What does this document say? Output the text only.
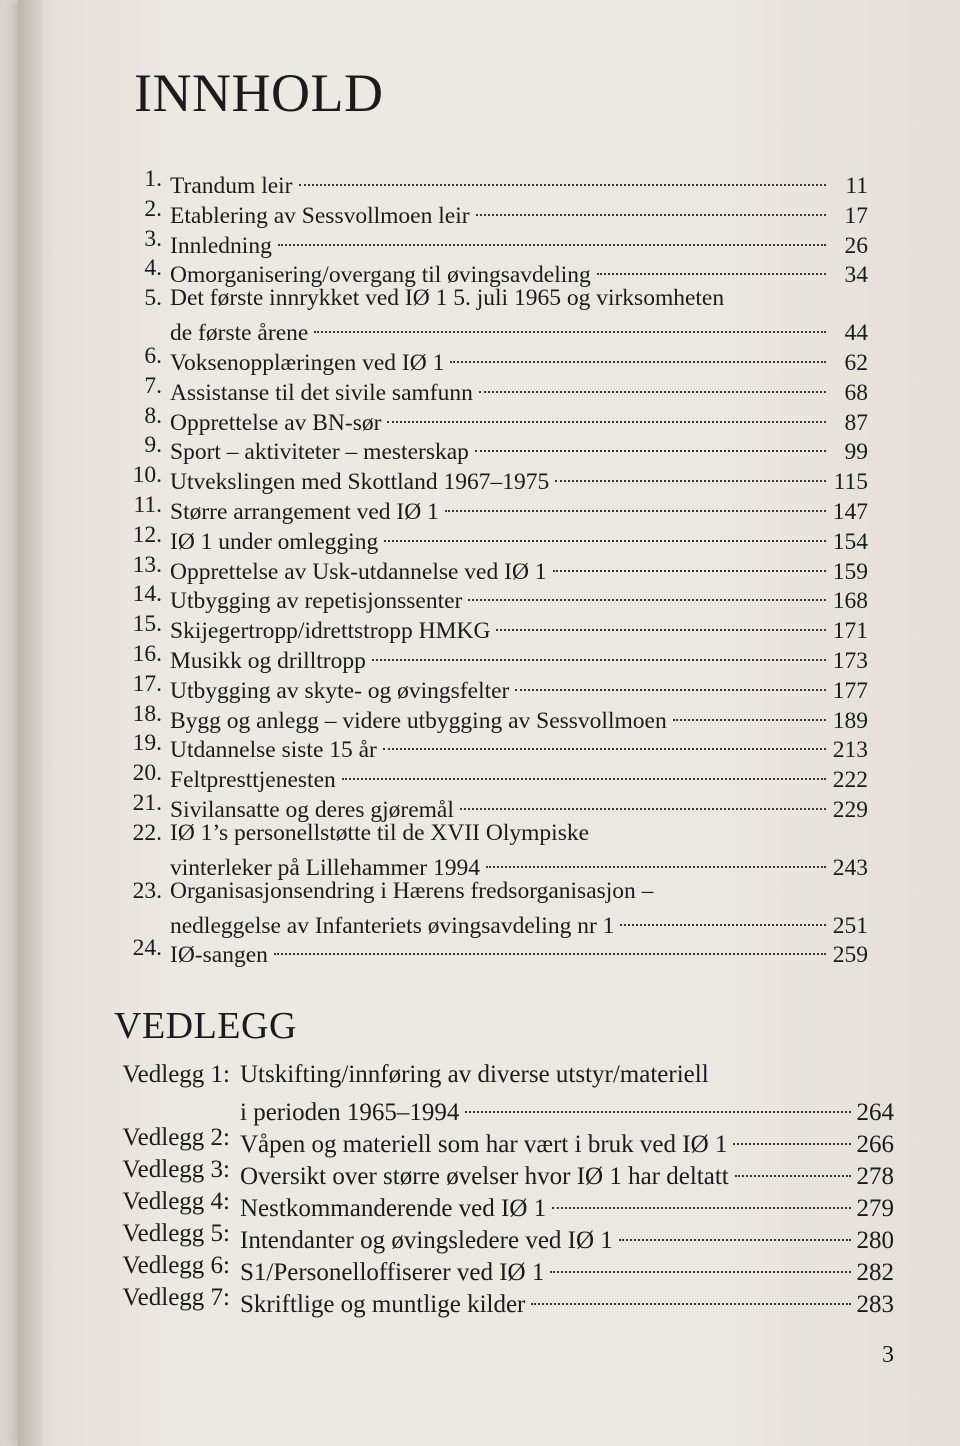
INNHOLD
1. Trandum leir	11
2. Etablering av Sessvollmoen leir	17
3. Innledning	26
4. Omorganisering/overgang til øvingsavdeling	34
5. Det første innrykket ved IØ 1 5. juli 1965 og virksomheten
de første årene	44
6. Voksenopplæringen ved IØ 1	62
7. Assistanse til det sivile samfunn	68
8. Opprettelse av BN-sør	87
9. Sport – aktiviteter – mesterskap	99
10. Utvekslingen med Skottland 1967–1975	115
11. Større arrangement ved IØ 1	147
12. IØ 1 under omlegging	154
13. Opprettelse av Usk-utdannelse ved IØ 1	159
14. Utbygging av repetisjonssenter	168
15. Skijegertropp/idrettstropp HMKG	171
16. Musikk og drilltropp	173
17. Utbygging av skyte- og øvingsfelter	177
18. Bygg og anlegg – videre utbygging av Sessvollmoen	189
19. Utdannelse siste 15 år	213
20. Feltpresttjenesten	222
21. Sivilansatte og deres gjøremål	229
22. IØ 1’s personellstøtte til de XVII Olympiske
vinterleker på Lillehammer 1994	243
23. Organisasjonsendring i Hærens fredsorganisasjon –
nedleggelse av Infanteriets øvingsavdeling nr 1	251
24. IØ-sangen	259
VEDLEGG
Vedlegg 1: Utskifting/innføring av diverse utstyr/materiell
i perioden 1965–1994	264
Vedlegg 2: Våpen og materiell som har vært i bruk ved IØ 1	266
Vedlegg 3: Oversikt over større øvelser hvor IØ 1 har deltatt	278
Vedlegg 4: Nestkommanderende ved IØ 1	279
Vedlegg 5: Intendanter og øvingsledere ved IØ 1	280
Vedlegg 6: S1/Personelloffiserer ved IØ 1	282
Vedlegg 7: Skriftlige og muntlige kilder	283
3
